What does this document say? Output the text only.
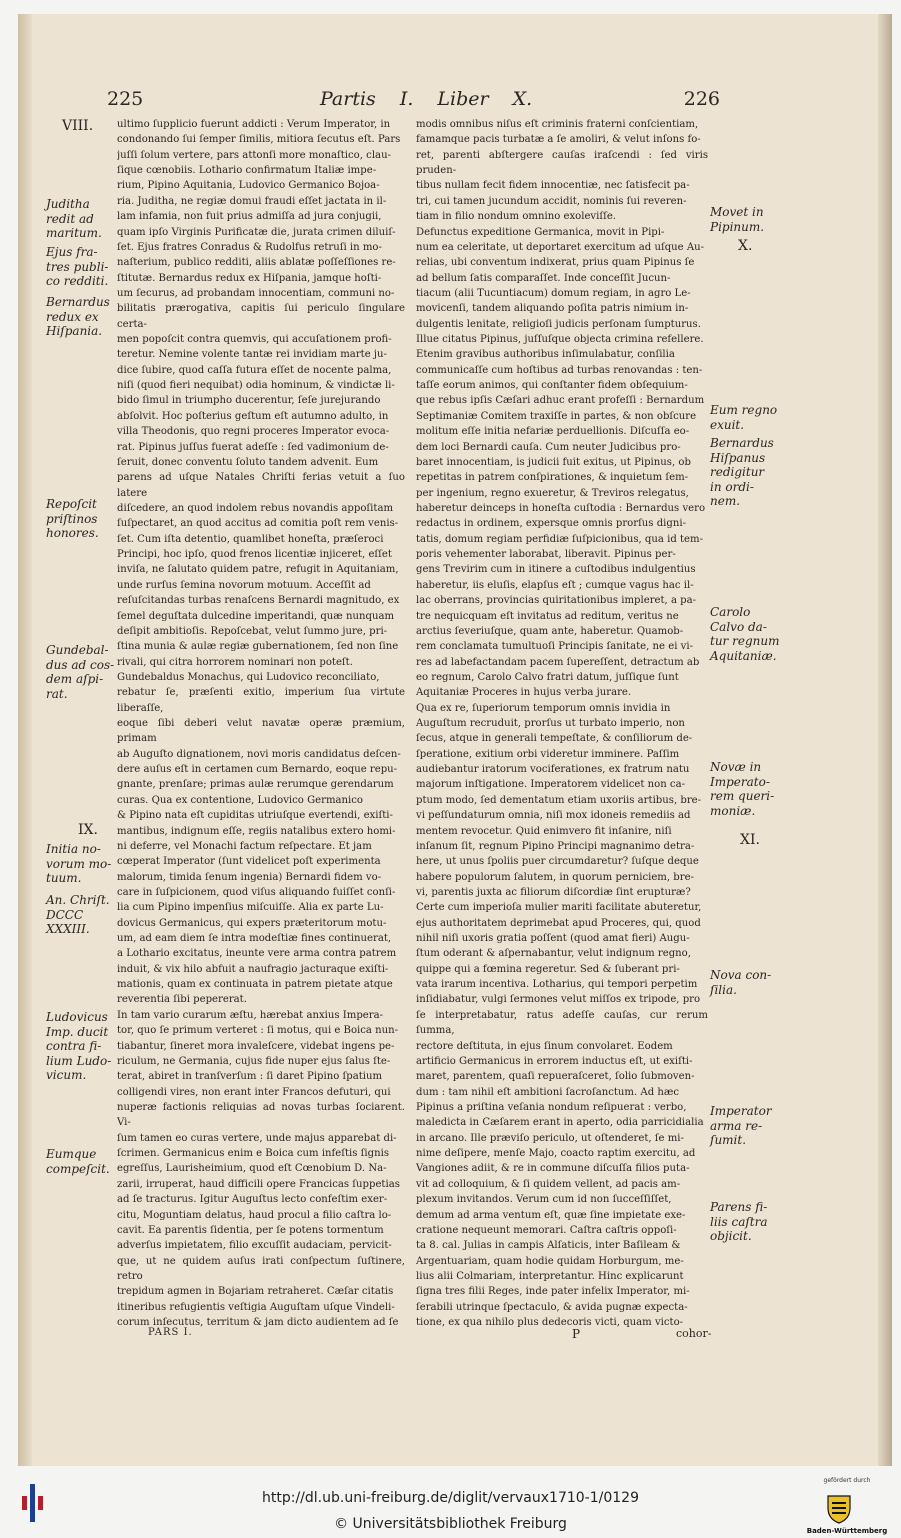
225	Partis I. Liber X.	226
VIII.
X.
IX.
XI.
ultimo ſupplicio fuerunt addicti : Verum Imperator, in
condonando ſui ſemper ſimilis, mitiora ſecutus eſt. Pars
juſſi ſolum vertere, pars attonſi more monaſtico, clau-
ſique cœnobiis. Lothario confirmatum Italiæ impe-
rium, Pipino Aquitania, Ludovico Germanico Bojoa-
ria. Juditha, ne regiæ domui fraudi eſſet jactata in il-
lam infamia, non fuit prius admiſſa ad jura conjugii,
quam ipſo Virginis Purificatæ die, jurata crimen diluiſ-
ſet. Ejus fratres Conradus & Rudolfus retruſi in mo-
naſterium, publico redditi, aliis ablatæ poſſeſſiones re-
ſtitutæ. Bernardus redux ex Hiſpania, jamque hoſti-
um ſecurus, ad probandam innocentiam, communi no-
bilitatis prærogativa, capitis ſui periculo ſingulare certa-
men popoſcit contra quemvis, qui accuſationem profi-
teretur. Nemine volente tantæ rei invidiam marte ju-
dice ſubire, quod caſſa futura eſſet de nocente palma,
niſi (quod fieri nequibat) odia hominum, & vindictæ li-
bido ſimul in triumpho ducerentur, ſeſe jurejurando
abſolvit. Hoc poſterius geſtum eſt autumno adulto, in
villa Theodonis, quo regni proceres Imperator evoca-
rat. Pipinus juſſus fuerat adeſſe : ſed vadimonium de-
ſeruit, donec conventu ſoluto tandem advenit. Eum
parens ad uſque Natales Chriſti ferias vetuit a ſuo latere
diſcedere, an quod indolem rebus novandis appoſitam
ſuſpectaret, an quod accitus ad comitia poſt rem venis-
ſet. Cum iſta detentio, quamlibet honeſta, præſeroci
Principi, hoc ipſo, quod frenos licentiæ injiceret, eſſet
inviſa, ne ſalutato quidem patre, refugit in Aquitaniam,
unde rurſus ſemina novorum motuum. Acceſſit ad
reſuſcitandas turbas renaſcens Bernardi magnitudo, ex
ſemel deguſtata dulcedine imperitandi, quæ nunquam
deſipit ambitioſis. Repoſcebat, velut ſummo jure, pri-
ſtina munia & aulæ regiæ gubernationem, ſed non ſine
rivali, qui citra horrorem nominari non poteſt.
Gundebaldus Monachus, qui Ludovico reconciliato,
rebatur ſe, præſenti exitio, imperium ſua virtute liberaſſe,
eoque ſibi deberi velut navatæ operæ præmium, primam
ab Auguſto dignationem, novi moris candidatus deſcen-
dere auſus eſt in certamen cum Bernardo, eoque repu-
gnante, prenſare; primas aulæ rerumque gerendarum
curas. Qua ex contentione, Ludovico Germanico
& Pipino nata eſt cupiditas utriuſque evertendi, exiſti-
mantibus, indignum eſſe, regiis natalibus extero homi-
ni deferre, vel Monachi factum reſpectare. Et jam
cœperat Imperator (ſunt videlicet poſt experimenta
malorum, timida ſenum ingenia) Bernardi fidem vo-
care in ſuſpicionem, quod viſus aliquando fuiſſet conſi-
lia cum Pipino impenſius miſcuiſſe. Alia ex parte Lu-
dovicus Germanicus, qui expers præteritorum motu-
um, ad eam diem ſe intra modeſtiæ fines continuerat,
a Lothario excitatus, ineunte vere arma contra patrem
induit, & vix hilo abfuit a naufragio jacturaque exiſti-
mationis, quam ex continuata in patrem pietate atque
reverentia ſibi pepererat.
In tam vario curarum æſtu, hærebat anxius Impera-
tor, quo ſe primum verteret : ſi motus, qui e Boica nun-
tiabantur, ſineret mora invaleſcere, videbat ingens pe-
riculum, ne Germania, cujus fide nuper ejus ſalus ſte-
terat, abiret in tranſverſum : ſi daret Pipino ſpatium
colligendi vires, non erant inter Francos defuturi, qui
nuperæ factionis reliquias ad novas turbas ſociarent. Vi-
ſum tamen eo curas vertere, unde majus apparebat di-
ſcrimen. Germanicus enim e Boica cum infeſtis ſignis
egreſſus, Laurisheimium, quod eſt Cœnobium D. Na-
zarii, irruperat, haud difficili opere Francicas ſuppetias
ad ſe tracturus. Igitur Auguſtus lecto confeſtim exer-
citu, Moguntiam delatus, haud procul a filio caſtra lo-
cavit. Ea parentis ſidentia, per ſe potens tormentum
adverſus impietatem, filio excuſſit audaciam, pervicit-
que, ut ne quidem auſus irati conſpectum ſuſtinere, retro
trepidum agmen in Bojariam retraheret. Cæſar citatis
itineribus refugientis veſtigia Auguſtam uſque Vindeli-
corum inſecutus, territum & jam dicto audientem ad ſe

modis omnibus niſus eſt criminis fraterni conſcientiam,
famamque pacis turbatæ a ſe amoliri, & velut inſons fo-
ret, parenti abſtergere cauſas iraſcendi : ſed viris pruden-
tibus nullam fecit fidem innocentiæ, nec ſatisfecit pa-
tri, cui tamen jucundum accidit, nominis ſui reveren-
tiam in filio nondum omnino exoleviſſe.
Defunctus expeditione Germanica, movit in Pipi-
num ea celeritate, ut deportaret exercitum ad uſque Au-
relias, ubi conventum indixerat, prius quam Pipinus ſe
ad bellum ſatis comparaſſet. Inde conceſſit Jucun-
tiacum (alii Tucuntiacum) domum regiam, in agro Le-
movicenſi, tandem aliquando poſita patris nimium in-
dulgentis lenitate, religioſi judicis perſonam ſumpturus.
Illue citatus Pipinus, juſſuſque objecta crimina refellere.
Etenim gravibus authoribus inſimulabatur, conſilia
communicaſſe cum hoſtibus ad turbas renovandas : ten-
taſſe eorum animos, qui conſtanter fidem obſequium-
que rebus ipſis Cæſari adhuc erant profeſſi : Bernardum
Septimaniæ Comitem traxiſſe in partes, & non obſcure
molitum eſſe initia nefariæ perduellionis. Diſcuſſa eo-
dem loci Bernardi cauſa. Cum neuter Judicibus pro-
baret innocentiam, is judicii fuit exitus, ut Pipinus, ob
repetitas in patrem conſpirationes, & inquietum ſem-
per ingenium, regno exueretur, & Treviros relegatus,
haberetur deinceps in honeſta cuſtodia : Bernardus vero
redactus in ordinem, expersque omnis prorſus digni-
tatis, domum regiam perfidiæ ſuſpicionibus, qua id tem-
poris vehementer laborabat, liberavit. Pipinus per-
gens Trevirim cum in itinere a cuſtodibus indulgentius
haberetur, iis eluſis, elapſus eſt ; cumque vagus hac il-
lac oberrans, provincias quiritationibus impleret, a pa-
tre nequicquam eſt invitatus ad reditum, veritus ne
arctius ſeveriuſque, quam ante, haberetur. Quamob-
rem conclamata tumultuoſi Principis ſanitate, ne ei vi-
res ad labefactandam pacem ſupereſſent, detractum ab
eo regnum, Carolo Calvo fratri datum, juſſique ſunt
Aquitaniæ Proceres in hujus verba jurare.
Qua ex re, ſuperiorum temporum omnis invidia in
Auguſtum recruduit, prorſus ut turbato imperio, non
ſecus, atque in generali tempeſtate, & conſiliorum de-
ſperatione, exitium orbi videretur imminere. Paſſim
audiebantur iratorum vociferationes, ex fratrum natu
majorum inſtigatione. Imperatorem videlicet non ca-
ptum modo, ſed dementatum etiam uxoriis artibus, bre-
vi peſſundaturum omnia, niſi mox idoneis remediis ad
mentem revocetur. Quid enimvero fit inſanire, niſi
inſanum ſit, regnum Pipino Principi magnanimo detra-
here, ut unus ſpoliis puer circumdaretur? ſuſque deque
habere populorum ſalutem, in quorum perniciem, bre-
vi, parentis juxta ac filiorum diſcordiæ ſint erupturæ?
Certe cum imperioſa mulier mariti facilitate abuteretur,
ejus authoritatem deprimebat apud Proceres, qui, quod
nihil niſi uxoris gratia poſſent (quod amat fieri) Augu-
ſtum oderant & aſpernabantur, velut indignum regno,
quippe qui a fœmina regeretur. Sed & ſuberant pri-
vata irarum incentiva. Lotharius, qui tempori perpetim
inſidiabatur, vulgi ſermones velut miſſos ex tripode, pro
ſe interpretabatur, ratus adeſſe cauſas, cur rerum ſumma,
rectore deſtituta, in ejus ſinum convolaret. Eodem
artificio Germanicus in errorem inductus eſt, ut exiſti-
maret, parentem, quaſi repueraſceret, ſolio ſubmoven-
dum : tam nihil eſt ambitioni ſacroſanctum. Ad hæc
Pipinus a priſtina veſania nondum reſipuerat : verbo,
maledicta in Cæſarem erant in aperto, odia parricidialia
in arcano. Ille præviſo periculo, ut oſtenderet, ſe mi-
nime deſipere, menſe Majo, coacto raptim exercitu, ad
Vangiones adiit, & re in commune diſcuſſa filios puta-
vit ad colloquium, & ſi quidem vellent, ad pacis am-
plexum invitandos. Verum cum id non ſucceſſiſſet,
demum ad arma ventum eſt, quæ ſine impietate exe-
cratione nequeunt memorari. Caſtra caſtris oppoſi-
ta 8. cal. Julias in campis Alſaticis, inter Baſileam &
Argentuariam, quam hodie quidam Horburgum, me-
lius alii Colmariam, interpretantur. Hinc explicarunt
ſigna tres filii Reges, inde pater infelix Imperator, mi-
ſerabili utrinque ſpectaculo, & avida pugnæ expecta-
tione, ex qua nihilo plus dedecoris victi, quam victo-

Juditha
redit ad
maritum.
Ejus fra-
tres publi-
co redditi.
Bernardus
redux ex
Hiſpania.
Repoſcit
priſtinos
honores.
Gundebal-
dus ad cos-
dem aſpi-
rat.
Initia no-
vorum mo-
tuum.
An. Chriſt.
DCCC
XXXIII.
Ludovicus
Imp. ducit
contra fi-
lium Ludo-
vicum.
Eumque
compeſcit.
Movet in
Pipinum.
Eum regno
exuit.
Bernardus
Hiſpanus
redigitur
in ordi-
nem.
Carolo
Calvo da-
tur regnum
Aquitaniæ.
Novæ in
Imperato-
rem queri-
moniæ.
Nova con-
ſilia.
Imperator
arma re-
ſumit.
Parens fi-
liis caſtra
objicit.
PARS I.	P	cohor-
http://dl.ub.uni-freiburg.de/diglit/vervaux1710-1/0129
© Universitätsbibliothek Freiburg
gefördert durch
Baden-Württemberg
